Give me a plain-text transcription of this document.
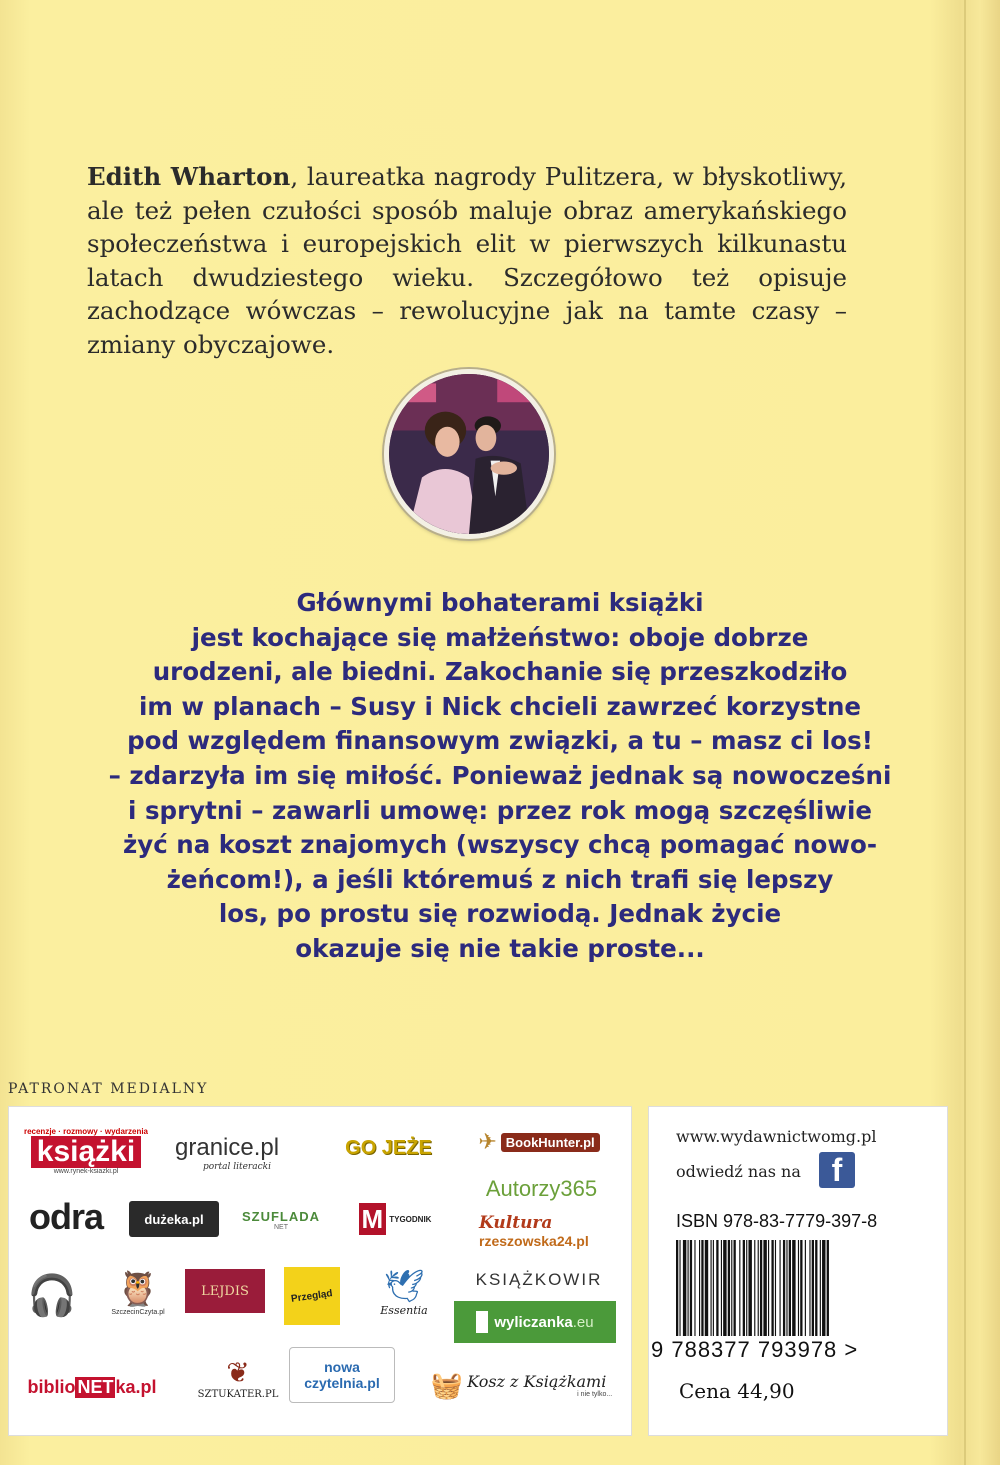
Edith Wharton, laureatka nagrody Pulitzera, w błyskotliwy, ale też pełen czułości sposób maluje obraz amerykańskiego społeczeństwa i europejskich elit w pierwszych kilkunastu latach dwudziestego wieku. Szczegółowo też opisuje zachodzące wówczas – rewolucyjne jak na tamte czasy – zmiany obyczajowe.

Głównymi bohaterami książki
jest kochające się małżeństwo: oboje dobrze
urodzeni, ale biedni. Zakochanie się przeszkodziło
im w planach – Susy i Nick chcieli zawrzeć korzystne
pod względem finansowym związki, a tu – masz ci los!
– zdarzyła im się miłość. Ponieważ jednak są nowocześni
i sprytni – zawarli umowę: przez rok mogą szczęśliwie
żyć na koszt znajomych (wszyscy chcą pomagać nowo-
żeńcom!), a jeśli któremuś z nich trafi się lepszy
los, po prostu się rozwiodą. Jednak życie
okazuje się nie takie proste...
PATRONAT MEDIALNY
recenzje · rozmowy · wydarzenia
książki
www.rynek-ksiazki.pl
granice.pl
portal literacki
GO JEŻE ✈ BookHunter.pl
Autorzy365
odra	dużeka.pl	SZUFLADA
NET	M TYGODNIK	Kultura
rzeszowska24.pl
🎧 🦉
SzczecinCzyta.pl
LEJDIS	Przegląd 🕊
Essentia
KSIĄŻKOWIR
wyliczanka .eu
biblio NET ka.pl ❦
SZTUKATER.PL
nowa
czytelnia.pl 🧺 Kosz z Książkami
i nie tylko...
www.wydawnictwomg.pl
odwiedź nas na f
ISBN 978-83-7779-397-8
9 788377 793978 >
Cena 44,90
